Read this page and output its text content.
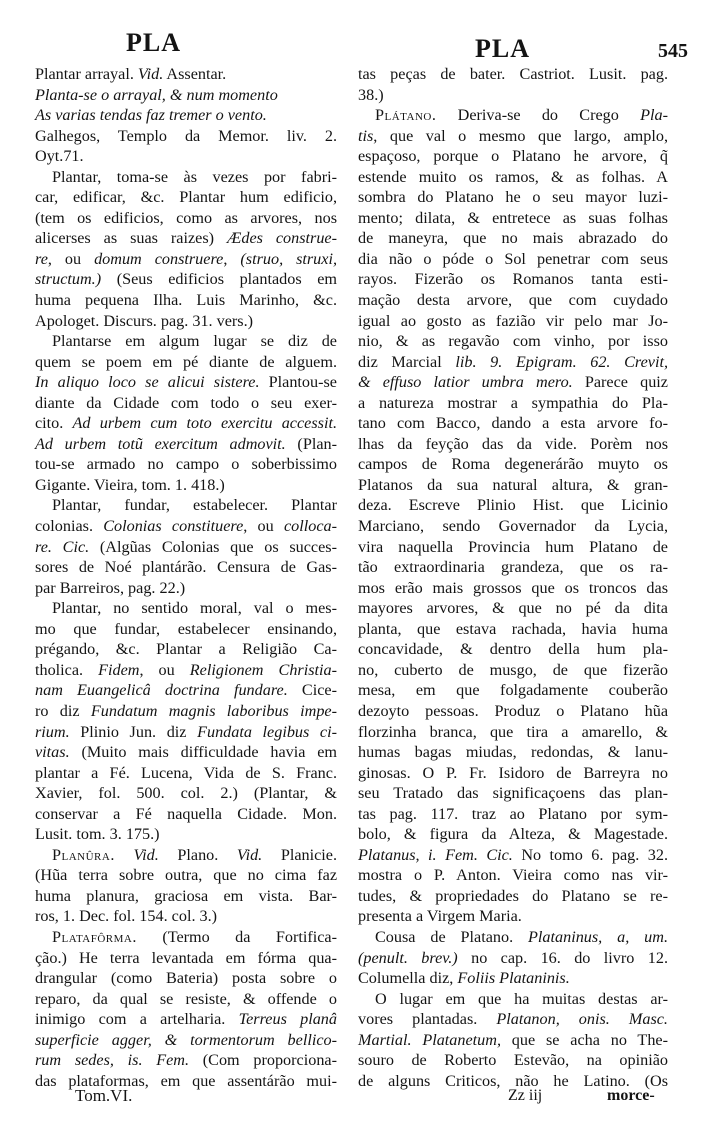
PLA	PLA	545
Plantar arrayal. Vid. Assentar.
Planta-se o arrayal, & num momento
As varias tendas faz tremer o vento.
Galhegos, Templo da Memor. liv. 2.
Oyt.71.
Plantar, toma-se às vezes por fabri-
car, edificar, &c. Plantar hum edificio,
(tem os edificios, como as arvores, nos
alicerses as suas raizes) Ædes construe-
re, ou domum construere, (struo, struxi,
structum.) (Seus edificios plantados em
huma pequena Ilha. Luis Marinho, &c.
Apologet. Discurs. pag. 31. vers.)
Plantarse em algum lugar se diz de
quem se poem em pé diante de alguem.
In aliquo loco se alicui sistere. Plantou-se
diante da Cidade com todo o seu exer-
cito. Ad urbem cum toto exercitu accessit.
Ad urbem totũ exercitum admovit. (Plan-
tou-se armado no campo o soberbissimo
Gigante. Vieira, tom. 1. 418.)
Plantar, fundar, estabelecer. Plantar
colonias. Colonias constituere, ou colloca-
re. Cic. (Algũas Colonias que os succes-
sores de Noé plantárão. Censura de Gas-
par Barreiros, pag. 22.)
Plantar, no sentido moral, val o mes-
mo que fundar, estabelecer ensinando,
prégando, &c. Plantar a Religião Ca-
tholica. Fidem, ou Religionem Christia-
nam Euangelicâ doctrina fundare. Cice-
ro diz Fundatum magnis laboribus impe-
rium. Plinio Jun. diz Fundata legibus ci-
vitas. (Muito mais difficuldade havia em
plantar a Fé. Lucena, Vida de S. Franc.
Xavier, fol. 500. col. 2.) (Plantar, &
conservar a Fé naquella Cidade. Mon.
Lusit. tom. 3. 175.)
Planûra. Vid. Plano. Vid. Planicie.
(Hũa terra sobre outra, que no cima faz
huma planura, graciosa em vista. Bar-
ros, 1. Dec. fol. 154. col. 3.)
Platafôrma. (Termo da Fortifica-
ção.) He terra levantada em fórma qua-
drangular (como Bateria) posta sobre o
reparo, da qual se resiste, & offende o
inimigo com a artelharia. Terreus planâ
superficie agger, & tormentorum bellico-
rum sedes, is. Fem. (Com proporciona-
das plataformas, em que assentárão mui-
tas peças de bater. Castriot. Lusit. pag.
38.)
Plátano. Deriva-se do Crego Pla-
tis, que val o mesmo que largo, amplo,
espaçoso, porque o Platano he arvore, q̃
estende muito os ramos, & as folhas. A
sombra do Platano he o seu mayor luzi-
mento; dilata, & entretece as suas folhas
de maneyra, que no mais abrazado do
dia não o póde o Sol penetrar com seus
rayos. Fizerão os Romanos tanta esti-
mação desta arvore, que com cuydado
igual ao gosto as fazião vir pelo mar Jo-
nio, & as regavão com vinho, por isso
diz Marcial lib. 9. Epigram. 62. Crevit,
& effuso latior umbra mero. Parece quiz
a natureza mostrar a sympathia do Pla-
tano com Bacco, dando a esta arvore fo-
lhas da feyção das da vide. Porèm nos
campos de Roma degenerárão muyto os
Platanos da sua natural altura, & gran-
deza. Escreve Plinio Hist. que Licinio
Marciano, sendo Governador da Lycia,
vira naquella Provincia hum Platano de
tão extraordinaria grandeza, que os ra-
mos erão mais grossos que os troncos das
mayores arvores, & que no pé da dita
planta, que estava rachada, havia huma
concavidade, & dentro della hum pla-
no, cuberto de musgo, de que fizerão
mesa, em que folgadamente couberão
dezoyto pessoas. Produz o Platano hũa
florzinha branca, que tira a amarello, &
humas bagas miudas, redondas, & lanu-
ginosas. O P. Fr. Isidoro de Barreyra no
seu Tratado das significaçoens das plan-
tas pag. 117. traz ao Platano por sym-
bolo, & figura da Alteza, & Magestade.
Platanus, i. Fem. Cic. No tomo 6. pag. 32.
mostra o P. Anton. Vieira como nas vir-
tudes, & propriedades do Platano se re-
presenta a Virgem Maria.
Cousa de Platano. Plataninus, a, um.
(penult. brev.) no cap. 16. do livro 12.
Columella diz, Foliis Plataninis.
O lugar em que ha muitas destas ar-
vores plantadas. Platanon, onis. Masc.
Martial. Platanetum, que se acha no The-
souro de Roberto Estevão, na opinião
de alguns Criticos, não he Latino. (Os
Tom.VI.	Zz iij	morce-
